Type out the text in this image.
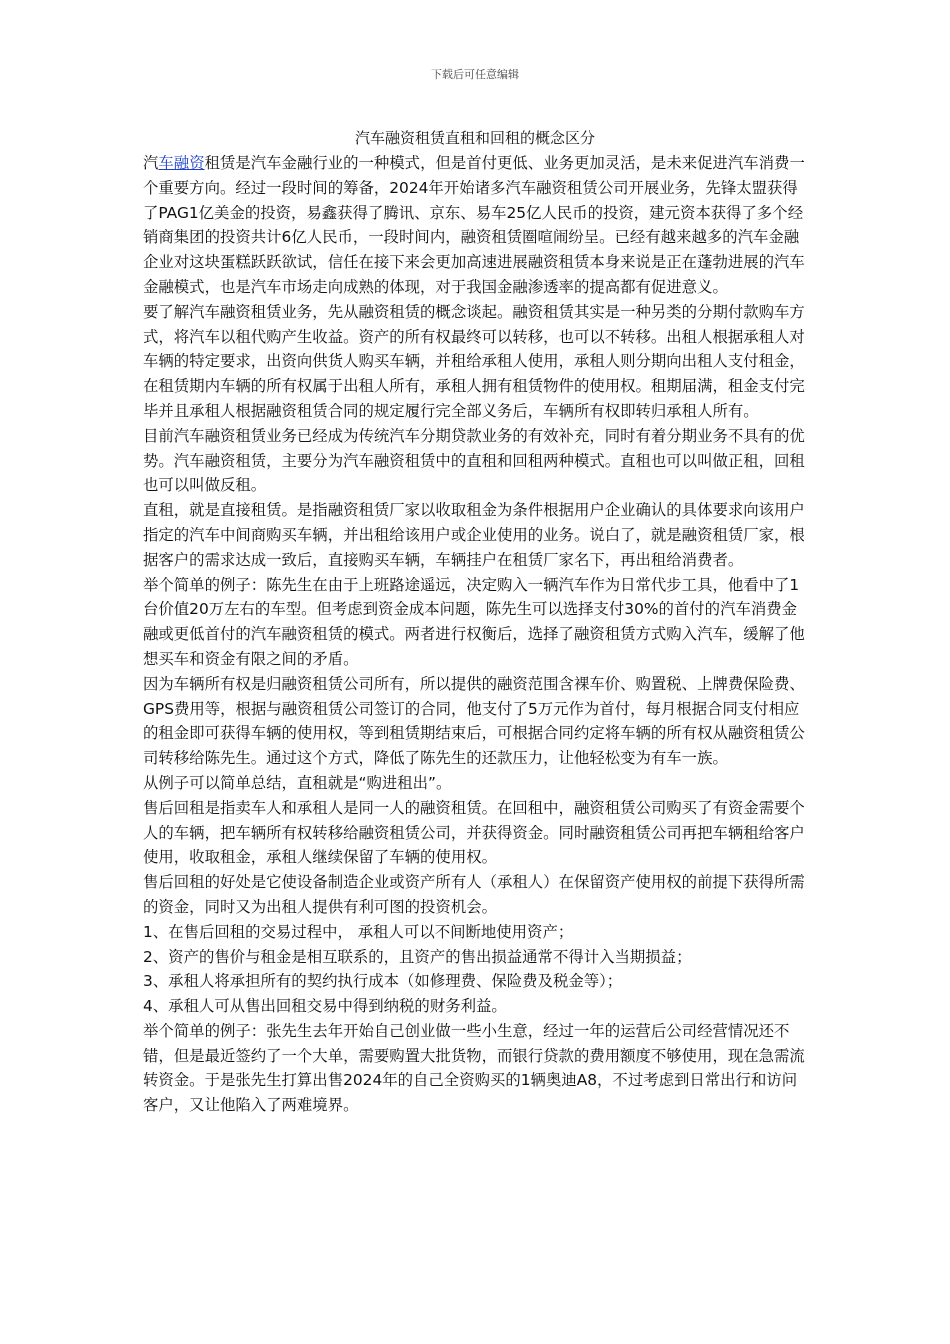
下载后可任意编辑
汽车融资租赁直租和回租的概念区分

汽车融资租赁是汽车金融行业的一种模式，但是首付更低、业务更加灵活，是未来促进汽车消费一个重要方向。经过一段时间的筹备，2024年开始诸多汽车融资租赁公司开展业务，先锋太盟获得了PAG1亿美金的投资，易鑫获得了腾讯、京东、易车25亿人民币的投资，建元资本获得了多个经销商集团的投资共计6亿人民币，一段时间内，融资租赁圈喧闹纷呈。已经有越来越多的汽车金融企业对这块蛋糕跃跃欲试，信任在接下来会更加高速进展融资租赁本身来说是正在蓬勃进展的汽车金融模式，也是汽车市场走向成熟的体现，对于我国金融渗透率的提高都有促进意义。

要了解汽车融资租赁业务，先从融资租赁的概念谈起。融资租赁其实是一种另类的分期付款购车方式，将汽车以租代购产生收益。资产的所有权最终可以转移，也可以不转移。出租人根据承租人对车辆的特定要求，出资向供货人购买车辆，并租给承租人使用，承租人则分期向出租人支付租金，在租赁期内车辆的所有权属于出租人所有，承租人拥有租赁物件的使用权。租期届满，租金支付完毕并且承租人根据融资租赁合同的规定履行完全部义务后，车辆所有权即转归承租人所有。

目前汽车融资租赁业务已经成为传统汽车分期贷款业务的有效补充，同时有着分期业务不具有的优势。汽车融资租赁，主要分为汽车融资租赁中的直租和回租两种模式。直租也可以叫做正租，回租也可以叫做反租。

直租，就是直接租赁。是指融资租赁厂家以收取租金为条件根据用户企业确认的具体要求向该用户指定的汽车中间商购买车辆，并出租给该用户或企业使用的业务。说白了，就是融资租赁厂家，根据客户的需求达成一致后，直接购买车辆，车辆挂户在租赁厂家名下，再出租给消费者。

举个简单的例子：陈先生在由于上班路途遥远，决定购入一辆汽车作为日常代步工具，他看中了1台价值20万左右的车型。但考虑到资金成本问题，陈先生可以选择支付30%的首付的汽车消费金融或更低首付的汽车融资租赁的模式。两者进行权衡后，选择了融资租赁方式购入汽车，缓解了他想买车和资金有限之间的矛盾。

因为车辆所有权是归融资租赁公司所有，所以提供的融资范围含裸车价、购置税、上牌费保险费、GPS费用等，根据与融资租赁公司签订的合同，他支付了5万元作为首付，每月根据合同支付相应的租金即可获得车辆的使用权，等到租赁期结束后，可根据合同约定将车辆的所有权从融资租赁公司转移给陈先生。通过这个方式，降低了陈先生的还款压力，让他轻松变为有车一族。

从例子可以简单总结，直租就是“购进租出”。

售后回租是指卖车人和承租人是同一人的融资租赁。在回租中，融资租赁公司购买了有资金需要个人的车辆，把车辆所有权转移给融资租赁公司，并获得资金。同时融资租赁公司再把车辆租给客户使用，收取租金，承租人继续保留了车辆的使用权。

售后回租的好处是它使设备制造企业或资产所有人（承租人）在保留资产使用权的前提下获得所需的资金，同时又为出租人提供有利可图的投资机会。

1、在售后回租的交易过程中， 承租人可以不间断地使用资产；

2、资产的售价与租金是相互联系的，且资产的售出损益通常不得计入当期损益；

3、承租人将承担所有的契约执行成本（如修理费、保险费及税金等）；

4、承租人可从售出回租交易中得到纳税的财务利益。

举个简单的例子：张先生去年开始自己创业做一些小生意，经过一年的运营后公司经营情况还不错，但是最近签约了一个大单，需要购置大批货物，而银行贷款的费用额度不够使用，现在急需流转资金。于是张先生打算出售2024年的自己全资购买的1辆奥迪A8，不过考虑到日常出行和访问客户，又让他陷入了两难境界。
